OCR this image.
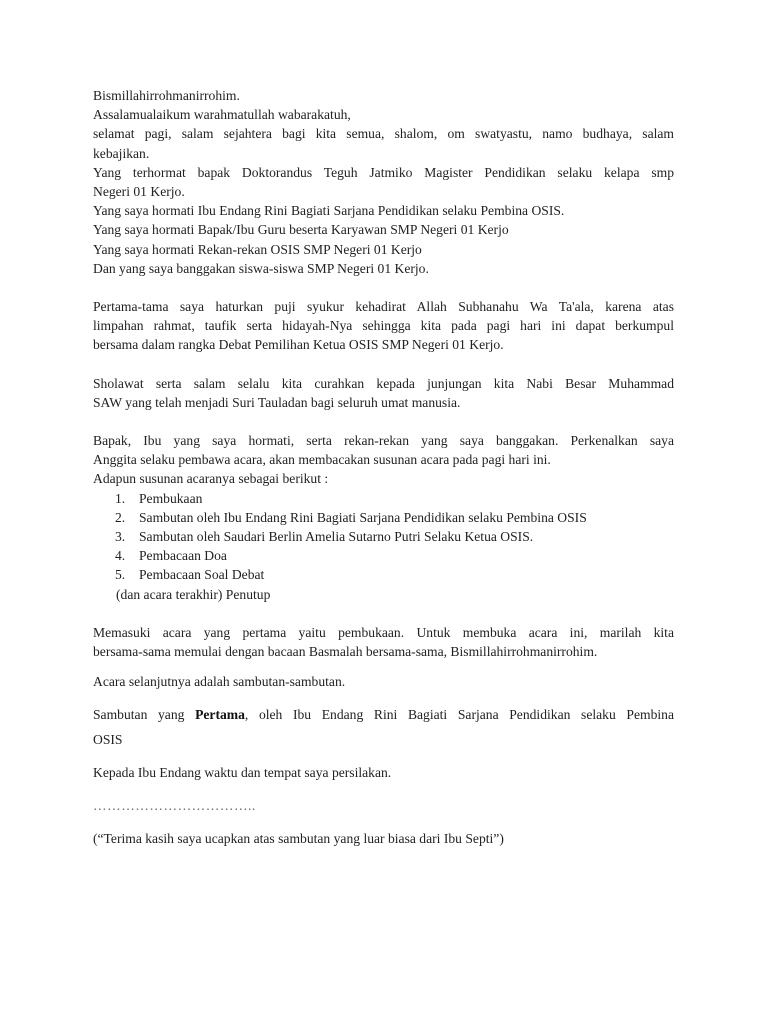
Bismillahirrohmanirrohim.
Assalamualaikum warahmatullah wabarakatuh,
selamat pagi, salam sejahtera bagi kita semua, shalom, om swatyastu, namo budhaya, salam
kebajikan.
Yang terhormat bapak Doktorandus Teguh Jatmiko Magister Pendidikan selaku kelapa smp
Negeri 01 Kerjo.
Yang saya hormati Ibu Endang Rini Bagiati Sarjana Pendidikan selaku Pembina OSIS.
Yang saya hormati Bapak/Ibu Guru beserta Karyawan SMP Negeri 01 Kerjo
Yang saya hormati Rekan-rekan OSIS SMP Negeri 01 Kerjo
Dan yang saya banggakan siswa-siswa SMP Negeri 01 Kerjo.
Pertama-tama saya haturkan puji syukur kehadirat Allah Subhanahu Wa Ta'ala, karena atas
limpahan rahmat, taufik serta hidayah-Nya sehingga kita pada pagi hari ini dapat berkumpul
bersama dalam rangka Debat Pemilihan Ketua OSIS SMP Negeri 01 Kerjo.
Sholawat serta salam selalu kita curahkan kepada junjungan kita Nabi Besar Muhammad
SAW yang telah menjadi Suri Tauladan bagi seluruh umat manusia.
Bapak, Ibu yang saya hormati, serta rekan-rekan yang saya banggakan. Perkenalkan saya
Anggita selaku pembawa acara, akan membacakan susunan acara pada pagi hari ini.
Adapun susunan acaranya sebagai berikut :
1. Pembukaan
2. Sambutan oleh Ibu Endang Rini Bagiati Sarjana Pendidikan selaku Pembina OSIS
3. Sambutan oleh Saudari Berlin Amelia Sutarno Putri Selaku Ketua OSIS.
4. Pembacaan Doa
5. Pembacaan Soal Debat
(dan acara terakhir) Penutup
Memasuki acara yang pertama yaitu pembukaan. Untuk membuka acara ini, marilah kita
bersama-sama memulai dengan bacaan Basmalah bersama-sama, Bismillahirrohmanirrohim.
Acara selanjutnya adalah sambutan-sambutan.
Sambutan yang Pertama, oleh Ibu Endang Rini Bagiati Sarjana Pendidikan selaku Pembina
OSIS
Kepada Ibu Endang waktu dan tempat saya persilakan.
……………………………..
(“Terima kasih saya ucapkan atas sambutan yang luar biasa dari Ibu Septi”)
